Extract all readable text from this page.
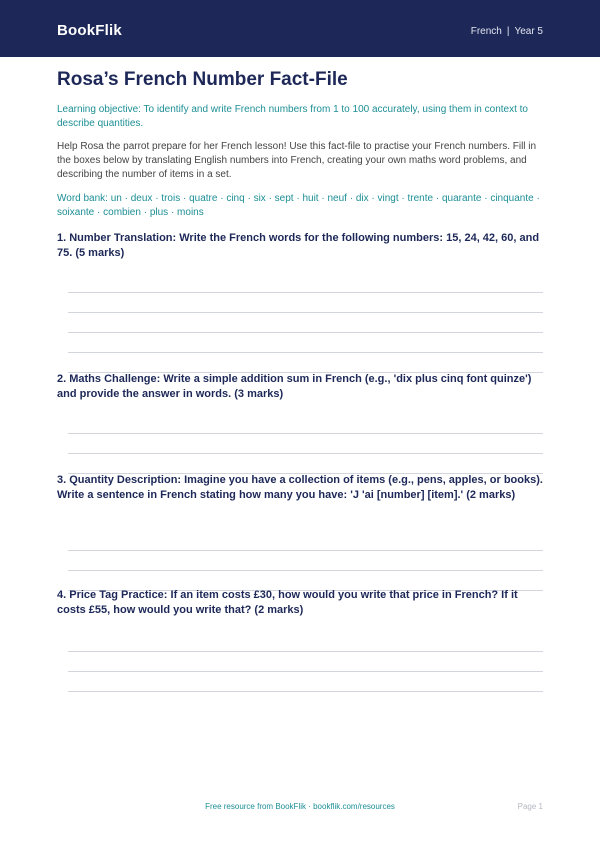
BookFlik	French | Year 5
Rosa’s French Number Fact-File

Learning objective: To identify and write French numbers from 1 to 100 accurately, using them in context to describe quantities.

Help Rosa the parrot prepare for her French lesson! Use this fact-file to practise your French numbers. Fill in the boxes below by translating English numbers into French, creating your own maths word problems, and describing the number of items in a set.

Word bank: un · deux · trois · quatre · cinq · six · sept · huit · neuf · dix · vingt · trente · quarante · cinquante · soixante · combien · plus · moins

1. Number Translation: Write the French words for the following numbers: 15, 24, 42, 60, and 75. (5 marks)
2. Maths Challenge: Write a simple addition sum in French (e.g., 'dix plus cinq font quinze') and provide the answer in words. (3 marks)
3. Quantity Description: Imagine you have a collection of items (e.g., pens, apples, or books). Write a sentence in French stating how many you have: 'J 'ai [number] [item].' (2 marks)
4. Price Tag Practice: If an item costs £30, how would you write that price in French? If it costs £55, how would you write that? (2 marks)
Free resource from BookFlik · bookflik.com/resources	Page 1
